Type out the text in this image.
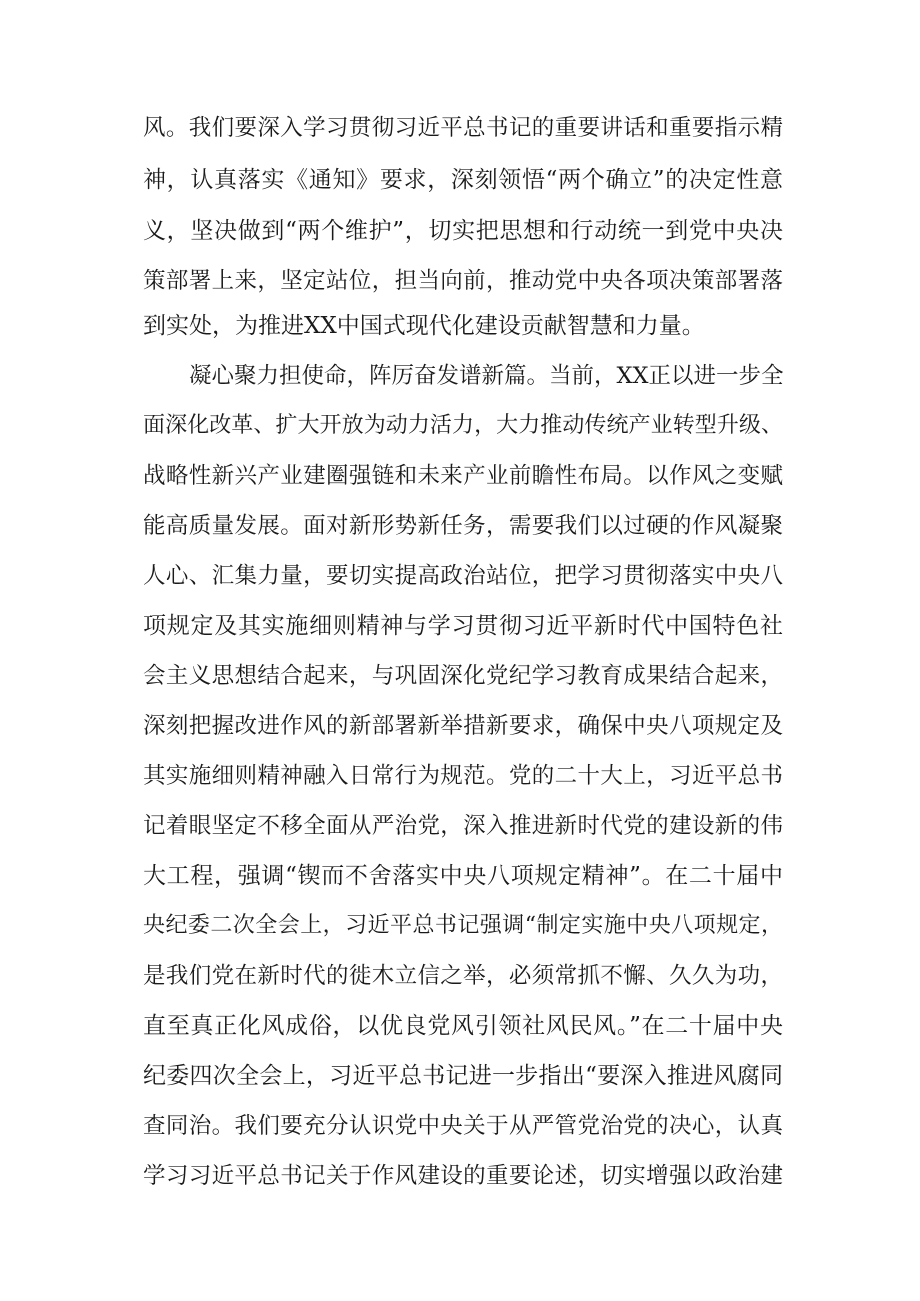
风。我们要深入学习贯彻习近平总书记的重要讲话和重要指示精
神，认真落实《通知》要求，深刻领悟“两个确立”的决定性意
义，坚决做到“两个维护”，切实把思想和行动统一到党中央决
策部署上来，坚定站位，担当向前，推动党中央各项决策部署落
到实处，为推进XX中国式现代化建设贡献智慧和力量。
凝心聚力担使命，阵厉奋发谱新篇。当前，XX正以进一步全
面深化改革、扩大开放为动力活力，大力推动传统产业转型升级、
战略性新兴产业建圈强链和未来产业前瞻性布局。以作风之变赋
能高质量发展。面对新形势新任务，需要我们以过硬的作风凝聚
人心、汇集力量，要切实提高政治站位，把学习贯彻落实中央八
项规定及其实施细则精神与学习贯彻习近平新时代中国特色社
会主义思想结合起来，与巩固深化党纪学习教育成果结合起来，
深刻把握改进作风的新部署新举措新要求，确保中央八项规定及
其实施细则精神融入日常行为规范。党的二十大上，习近平总书
记着眼坚定不移全面从严治党，深入推进新时代党的建设新的伟
大工程，强调“锲而不舍落实中央八项规定精神”。在二十届中
央纪委二次全会上，习近平总书记强调“制定实施中央八项规定，
是我们党在新时代的徙木立信之举，必须常抓不懈、久久为功，
直至真正化风成俗，以优良党风引领社风民风。”在二十届中央
纪委四次全会上，习近平总书记进一步指出“要深入推进风腐同
查同治。我们要充分认识党中央关于从严管党治党的决心，认真
学习习近平总书记关于作风建设的重要论述，切实增强以政治建
